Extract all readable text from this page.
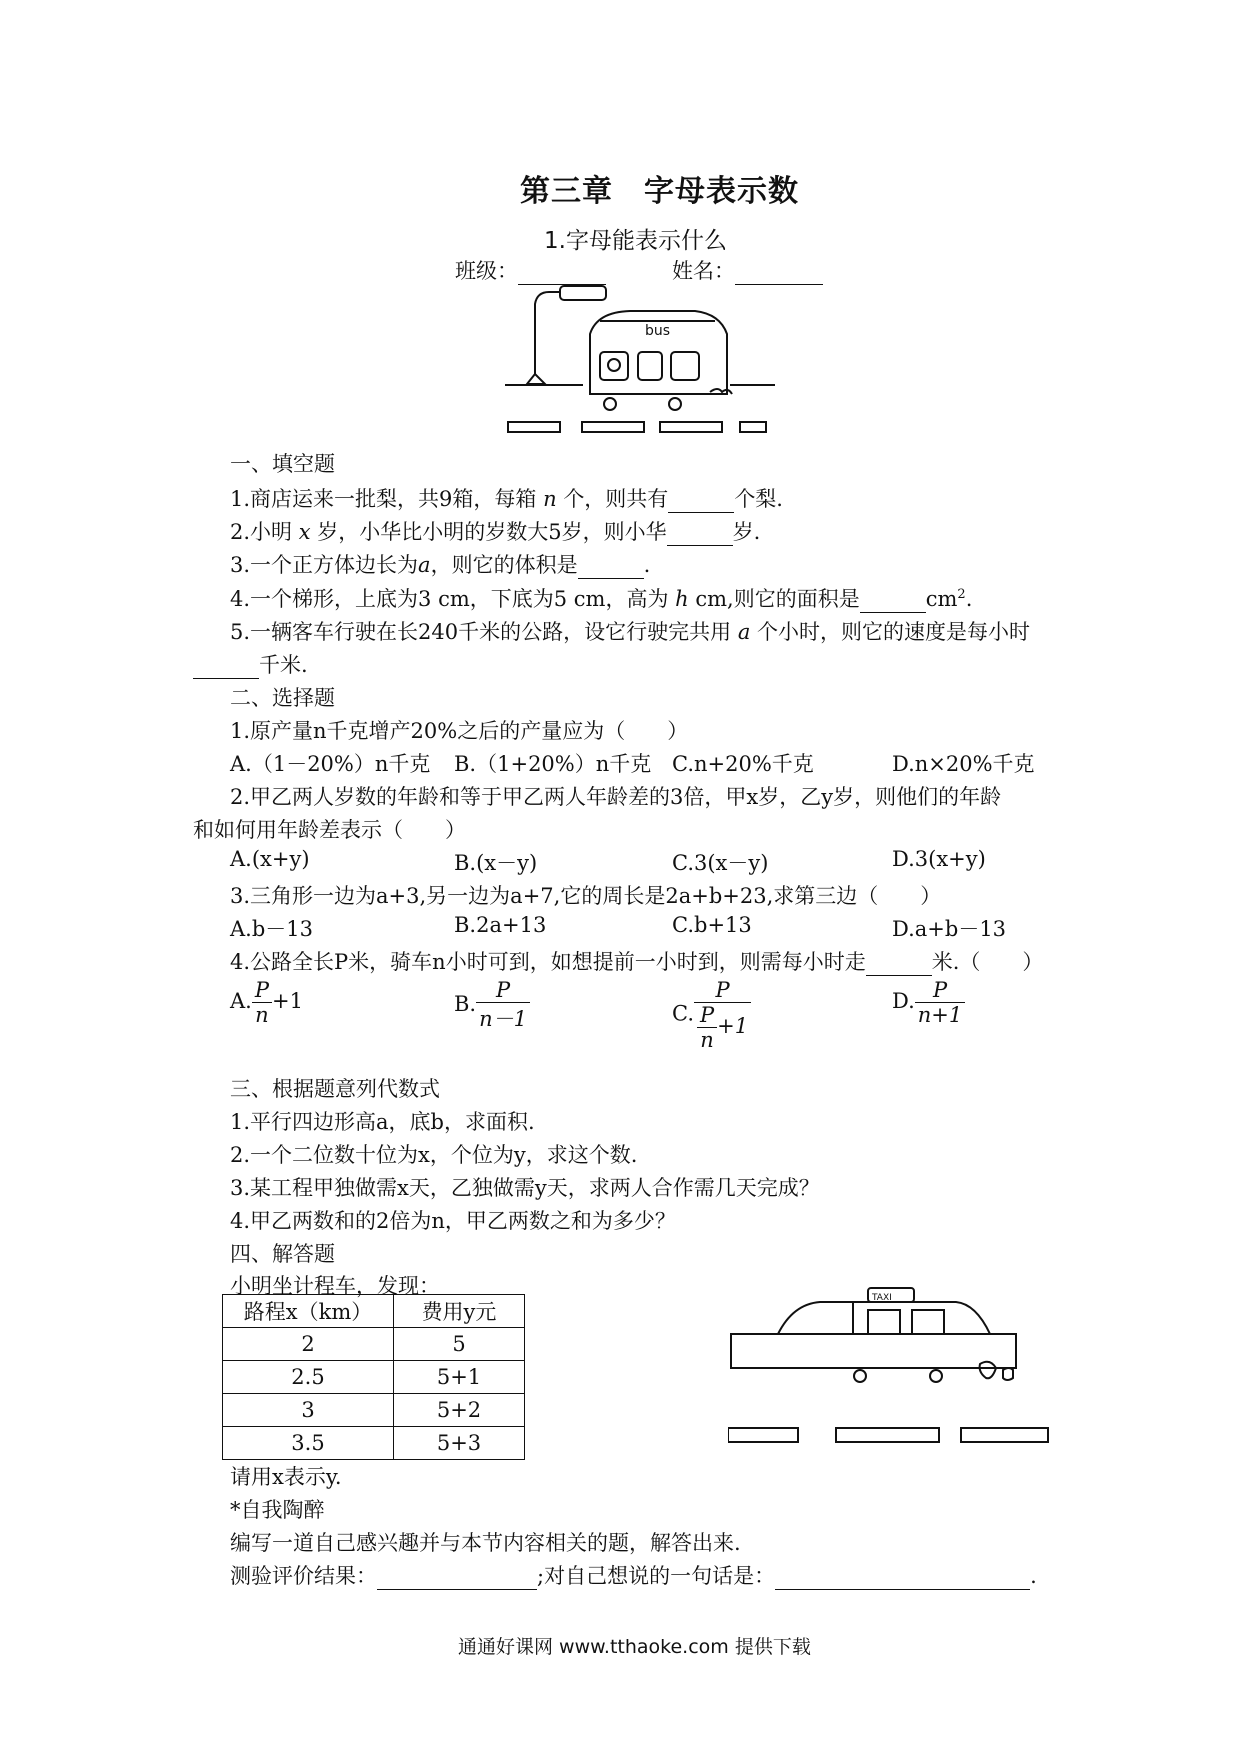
第三章　字母表示数
1.字母能表示什么
班级：	姓名：
bus
一、填空题
1.商店运来一批梨，共9箱，每箱 n 个，则共有	个梨.
2.小明 x 岁，小华比小明的岁数大5岁，则小华	岁.
3.一个正方体边长为a，则它的体积是	.
4.一个梯形，上底为3 cm，下底为5 cm，高为 h cm,则它的面积是	$cm^2$.
5.一辆客车行驶在长240千米的公路，设它行驶完共用 a 个小时，则它的速度是每小时
千米.
二、选择题
1.原产量n千克增产20%之后的产量应为（　　）
A.（1－20%）n千克 B.（1+20%）n千克 C.n+20%千克	D.n×20%千克
2.甲乙两人岁数的年龄和等于甲乙两人年龄差的3倍，甲x岁，乙y岁，则他们的年龄
和如何用年龄差表示（　　）
A.(x+y)	B.(x－y)	C.3(x－y)	D.3(x+y)
3.三角形一边为a+3,另一边为a+7,它的周长是2a+b+23,求第三边（　　）
A.b－13	B.2a+13	C.b+13	D.a+b－13
4.公路全长P米，骑车n小时可到，如想提前一小时到，则需每小时走	米.（　　）
A. $\frac{P}{n} +1$	B. $\frac{P}{n-1}$	C. $\frac{P}{\frac{P}{n} +1}$	D. $\frac{P}{n+1}$
三、根据题意列代数式
1.平行四边形高a，底b，求面积.
2.一个二位数十位为x，个位为y，求这个数.
3.某工程甲独做需x天，乙独做需y天，求两人合作需几天完成？
4.甲乙两数和的2倍为n，甲乙两数之和为多少？
四、解答题
小明坐计程车，发现：
路程x（km）	费用y元
2	5
2.5	5+1
3	5+2
3.5	5+3
TAXI
请用x表示y.
*自我陶醉
编写一道自己感兴趣并与本节内容相关的题，解答出来.
测验评价结果：	;对自己想说的一句话是：	.
通通好课网 www.tthaoke.com 提供下载
